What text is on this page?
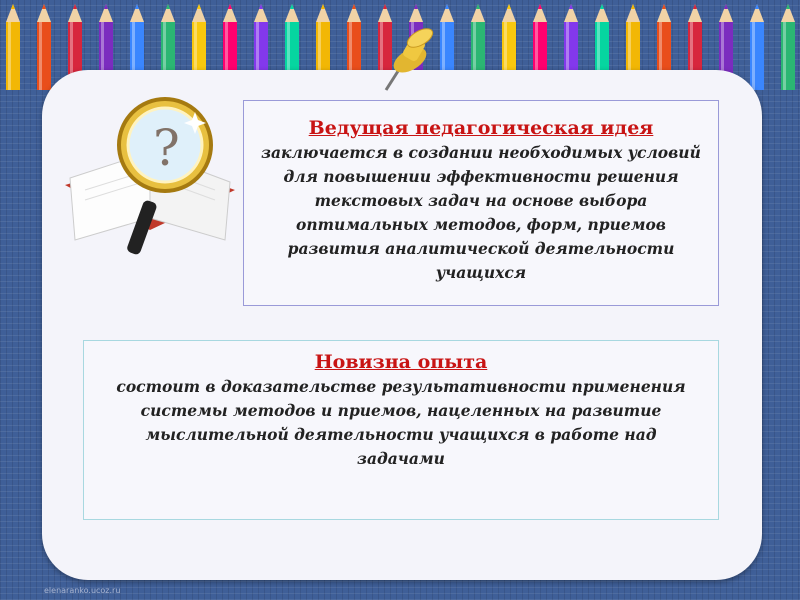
?	Ведущая педагогическая идея
заключается в создании необходимых условий
для повышении эффективности решения
текстовых задач на основе выбора
оптимальных методов, форм, приемов
развития аналитической деятельности
учащихся
Новизна опыта
состоит в доказательстве результативности применения
системы методов и приемов, нацеленных на развитие
мыслительной деятельности учащихся в работе над
задачами
elenaranko.ucoz.ru
